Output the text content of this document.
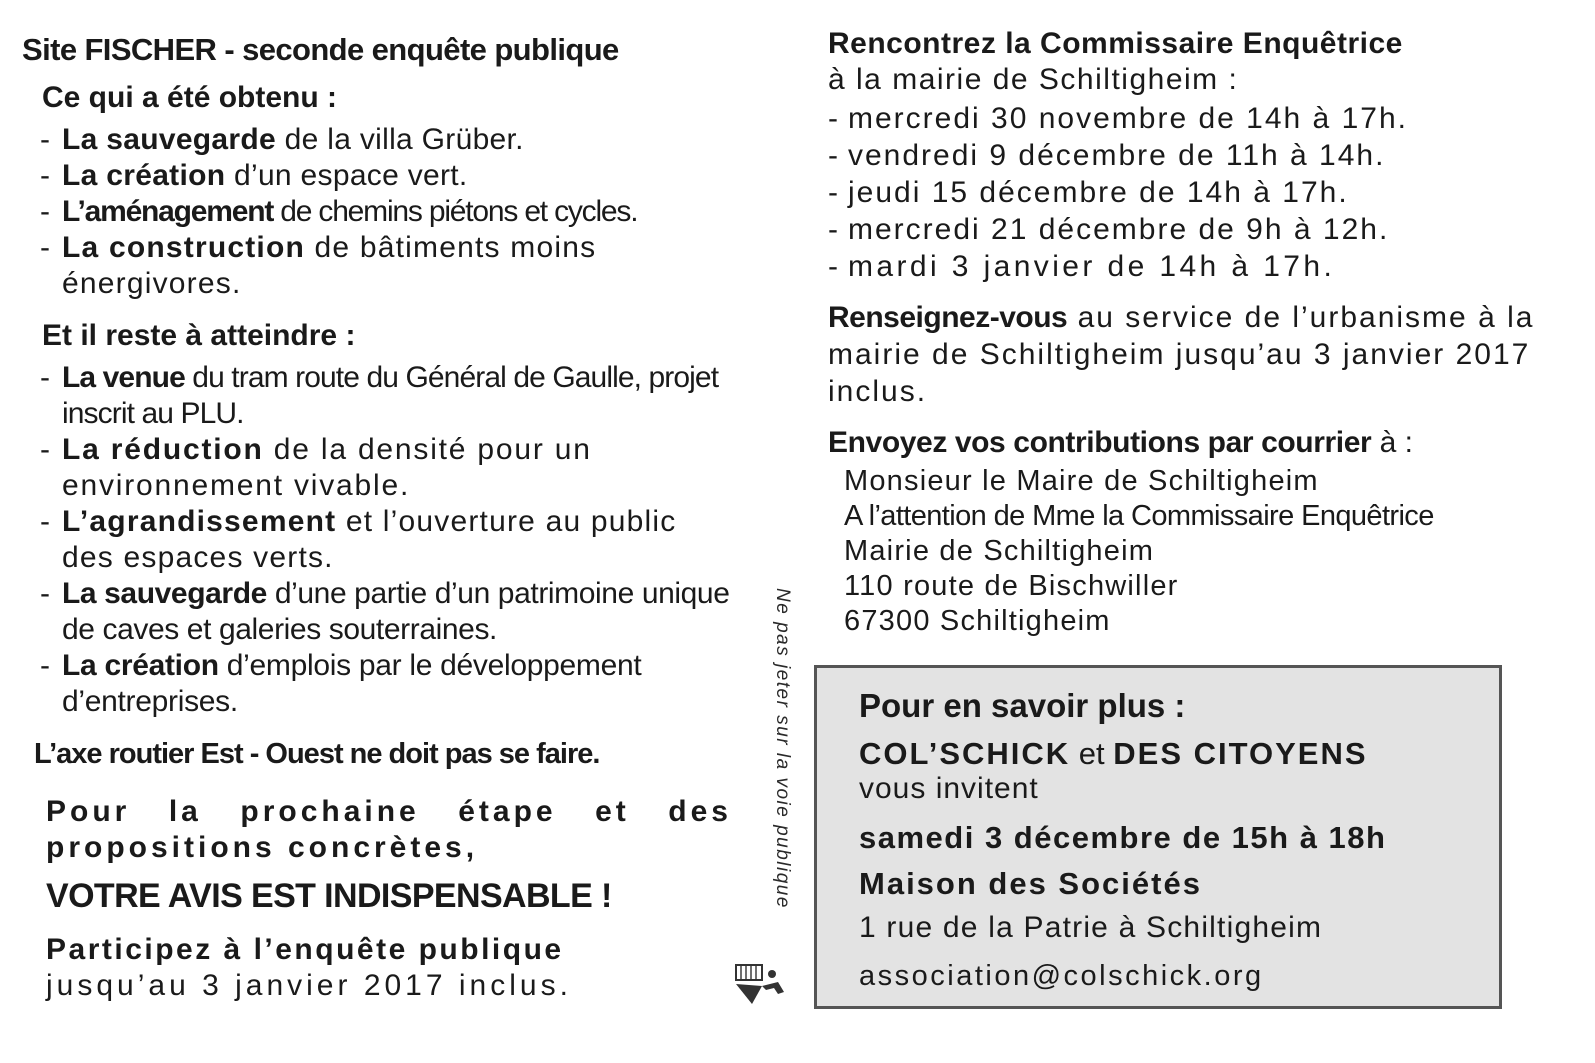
Site FISCHER - seconde enquête publique
Ce qui a été obtenu :
- La sauvegarde de la villa Grüber.
- La création d’un espace vert.
- L’aménagement de chemins piétons et cycles.
- La construction de bâtiments moins énergivores.
Et il reste à atteindre :
- La venue du tram route du Général de Gaulle, projet inscrit au PLU.
- La réduction de la densité pour un environnement vivable.
- L’agrandissement et l’ouverture au public des espaces verts.
- La sauvegarde d’une partie d’un patrimoine unique de caves et galeries souterraines.
- La création d’emplois par le développement d’entreprises.
L’axe routier Est - Ouest ne doit pas se faire.
Pour la prochaine étape et des propositions concrètes,
VOTRE AVIS EST INDISPENSABLE !
Participez à l’enquête publique
jusqu’au 3 janvier 2017 inclus.
Ne pas jeter sur la voie publique
Rencontrez la Commissaire Enquêtrice
à la mairie de Schiltigheim :
- mercredi 30 novembre de 14h à 17h.
- vendredi 9 décembre de 11h à 14h.
- jeudi 15 décembre de 14h à 17h.
- mercredi 21 décembre de 9h à 12h.
- mardi 3 janvier de 14h à 17h.
Renseignez-vous au service de l’urbanisme à la mairie de Schiltigheim jusqu’au 3 janvier 2017 inclus.
Envoyez vos contributions par courrier à :
Monsieur le Maire de Schiltigheim
A l’attention de Mme la Commissaire Enquêtrice
Mairie de Schiltigheim
110 route de Bischwiller
67300 Schiltigheim
Pour en savoir plus :
COL’SCHICK et DES CITOYENS
vous invitent
samedi 3 décembre de 15h à 18h
Maison des Sociétés
1 rue de la Patrie à Schiltigheim
association@colschick.org
